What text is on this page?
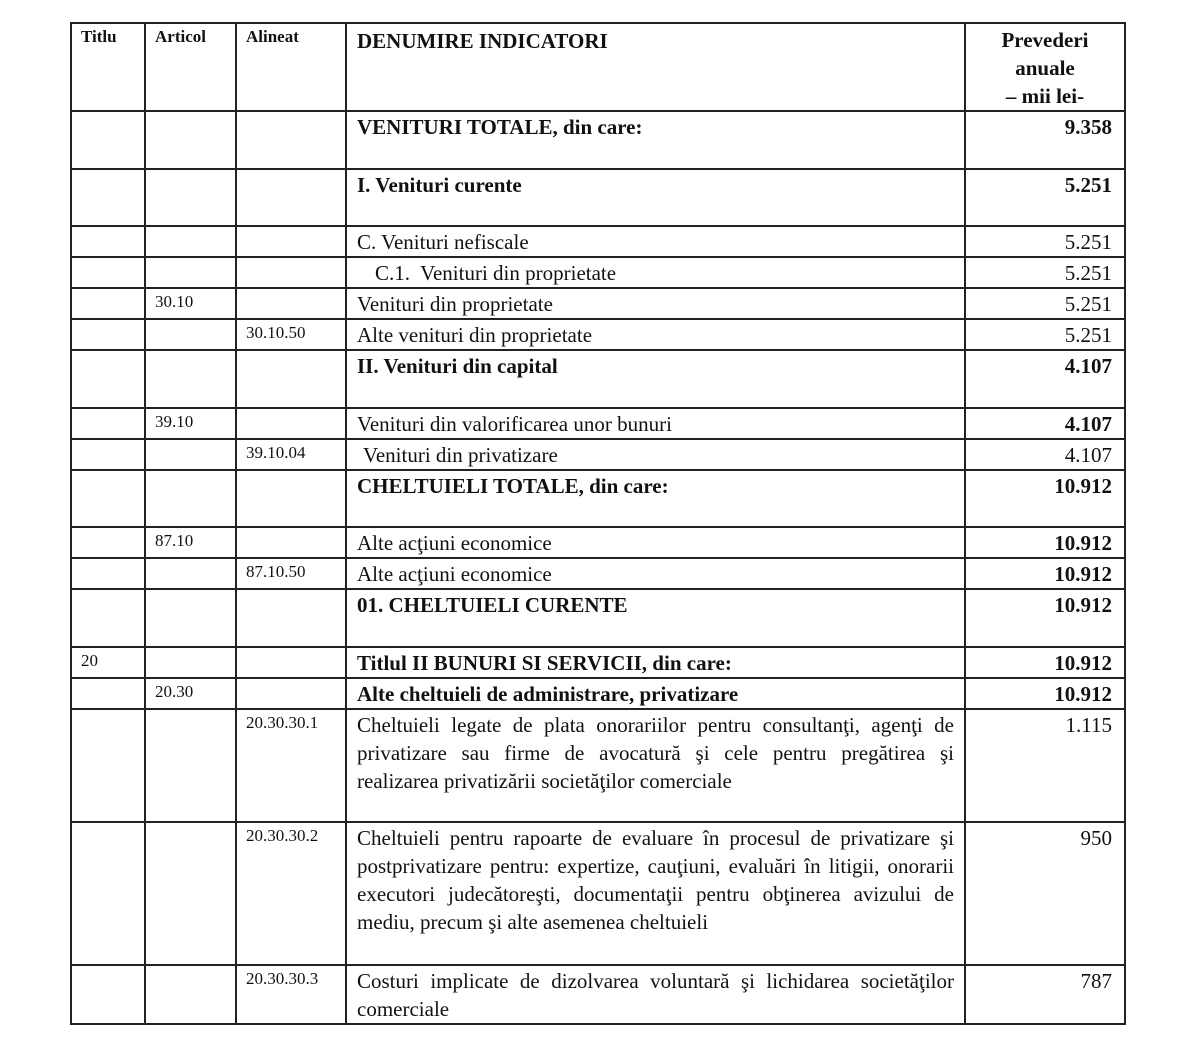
Titlu	Articol	Alineat	DENUMIRE INDICATORI	Prevederi
anuale
– mii lei-

			VENITURI TOTALE, din care:	9.358
			I. Venituri curente	5.251
			C. Venituri nefiscale	5.251
			C.1.  Venituri din proprietate	5.251
	30.10		Venituri din proprietate	5.251
		30.10.50	Alte venituri din proprietate	5.251
			II. Venituri din capital	4.107
	39.10		Venituri din valorificarea unor bunuri	4.107
		39.10.04	Venituri din privatizare	4.107
			CHELTUIELI TOTALE, din care:	10.912
	87.10		Alte acţiuni economice	10.912
		87.10.50	Alte acţiuni economice	10.912
			01. CHELTUIELI CURENTE	10.912
20			Titlul II BUNURI SI SERVICII, din care:	10.912
	20.30		Alte cheltuieli de administrare, privatizare	10.912
		20.30.30.1	Cheltuieli legate de plata onorariilor pentru consultanţi, agenţi de privatizare sau firme de avocatură şi cele pentru pregătirea şi realizarea privatizării societăţilor comerciale	1.115
		20.30.30.2	Cheltuieli pentru rapoarte de evaluare în procesul de privatizare şi postprivatizare pentru: expertize, cauţiuni, evaluări în litigii, onorarii executori judecătoreşti, documentaţii pentru obţinerea avizului de mediu, precum şi alte asemenea cheltuieli	950
		20.30.30.3	Costuri implicate de dizolvarea voluntară şi lichidarea societăţilor comerciale	787
